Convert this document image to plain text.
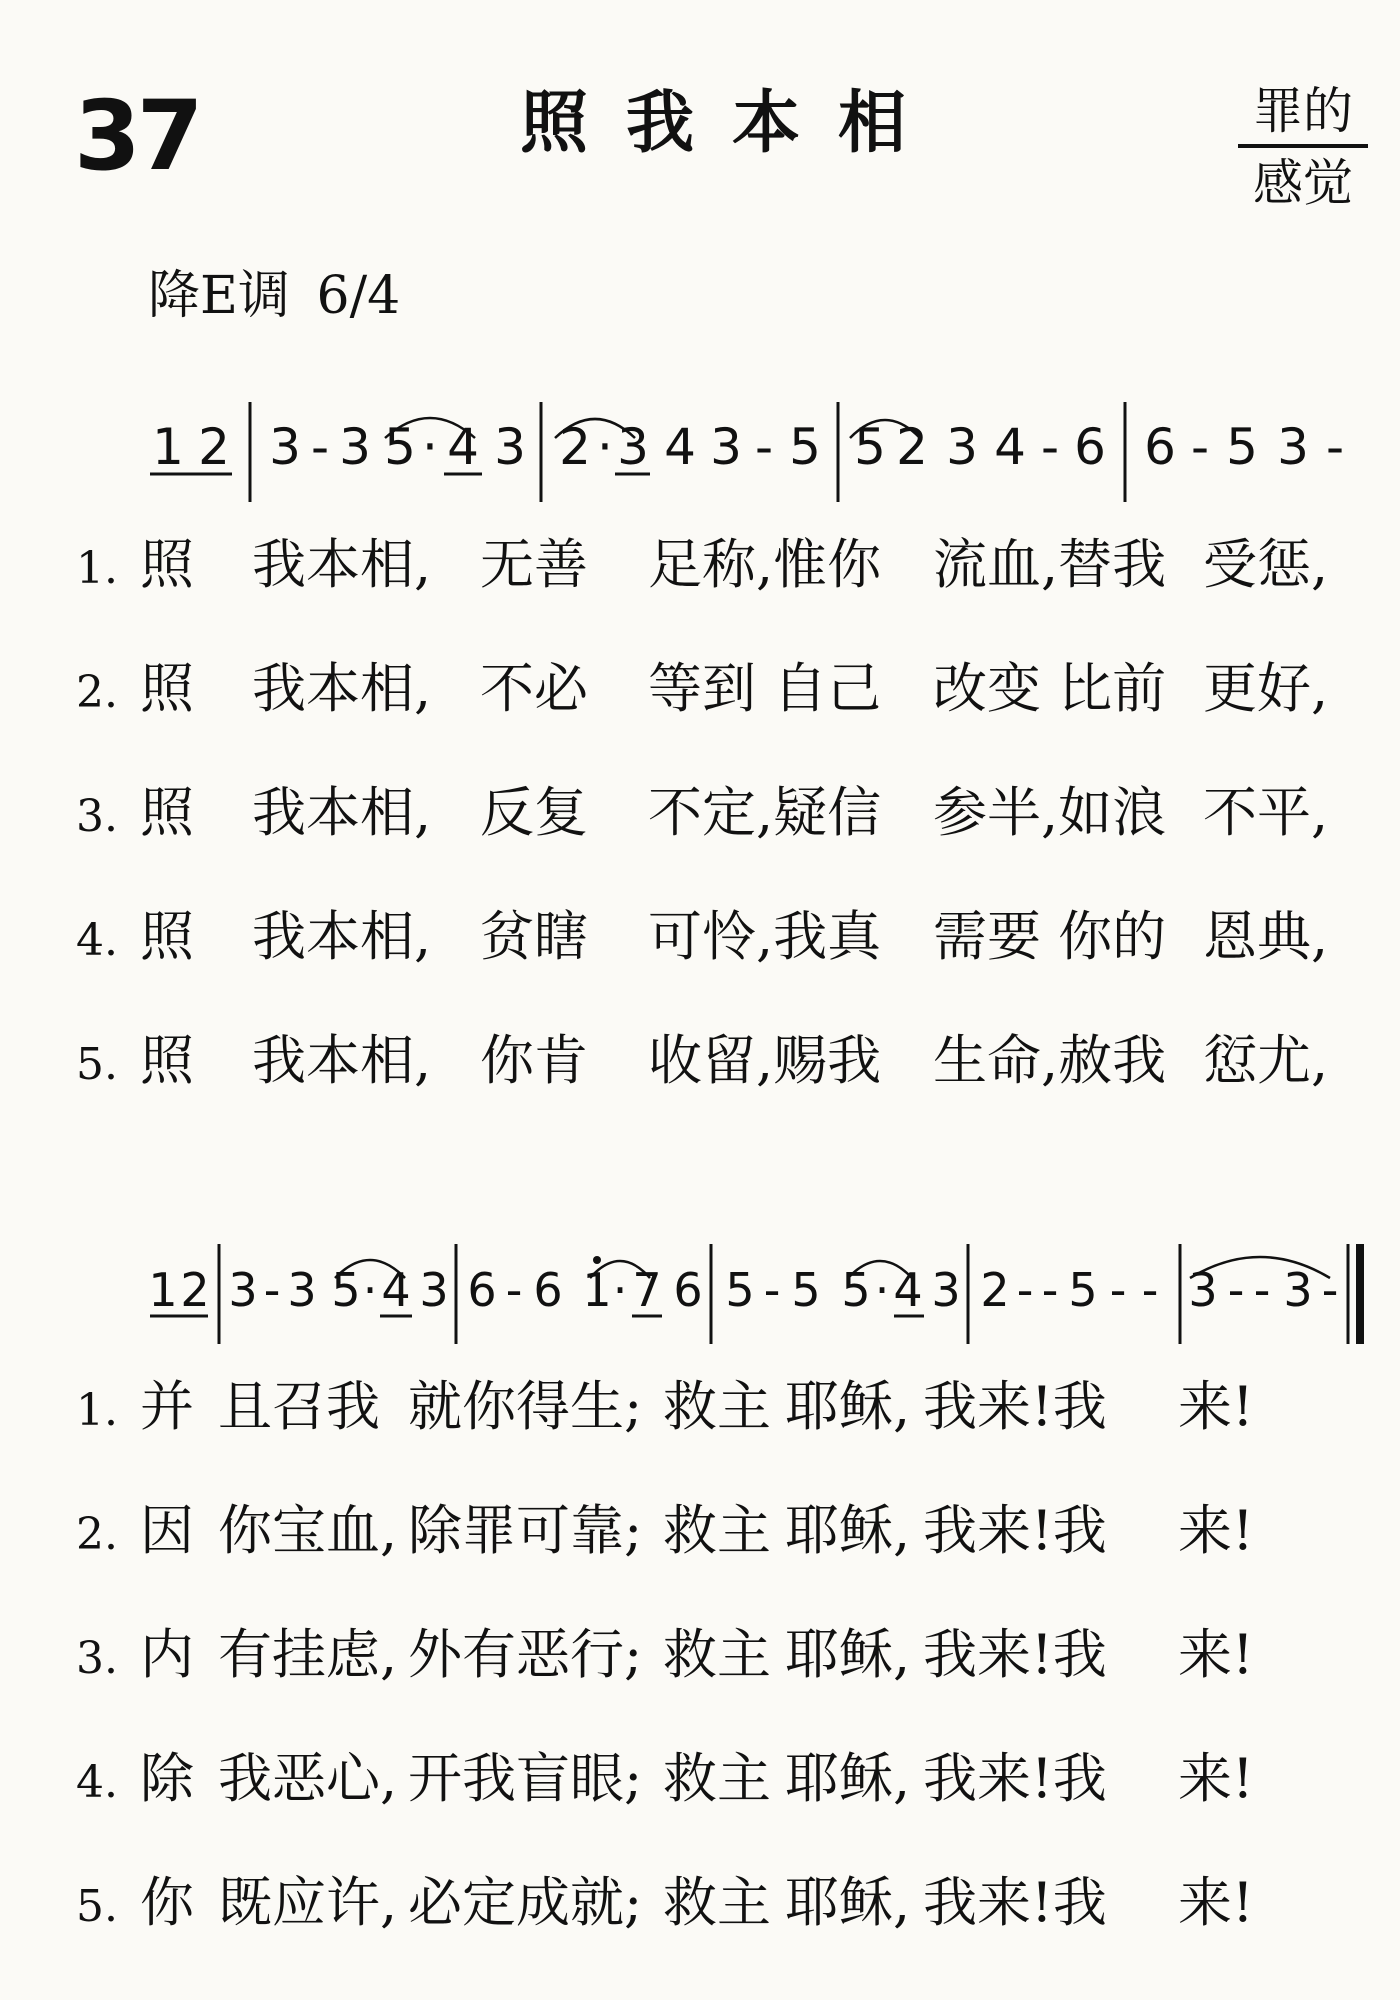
37	照我本相	罪的
感觉
降E调 6/4
1 2 3 - 3 5 · 4 3 2 · 3 4 3 - 5 5 2 3 4 - 6 6 - 5 3 -
1. 照 我本相, 无善 足称,惟你 流血,替我 受惩,
2. 照 我本相, 不必 等到 自己 改变 比前 更好,
3. 照 我本相, 反复 不定,疑信 参半,如浪 不平,
4. 照 我本相, 贫瞎 可怜,我真 需要 你的 恩典,
5. 照 我本相, 你肯 收留,赐我 生命,赦我 愆尤,
1 2 3 - 3 5 · 4 3 6 - 6 1 · 7 6 5 - 5 5 · 4 3 2 - - 5 - - 3 - - 3 -
1. 并 且召我 就你得生; 救主 耶稣, 我来!我 来!
2. 因 你宝血, 除罪可靠; 救主 耶稣, 我来!我 来!
3. 内 有挂虑, 外有恶行; 救主 耶稣, 我来!我 来!
4. 除 我恶心, 开我盲眼; 救主 耶稣, 我来!我 来!
5. 你 既应许, 必定成就; 救主 耶稣, 我来!我 来!
